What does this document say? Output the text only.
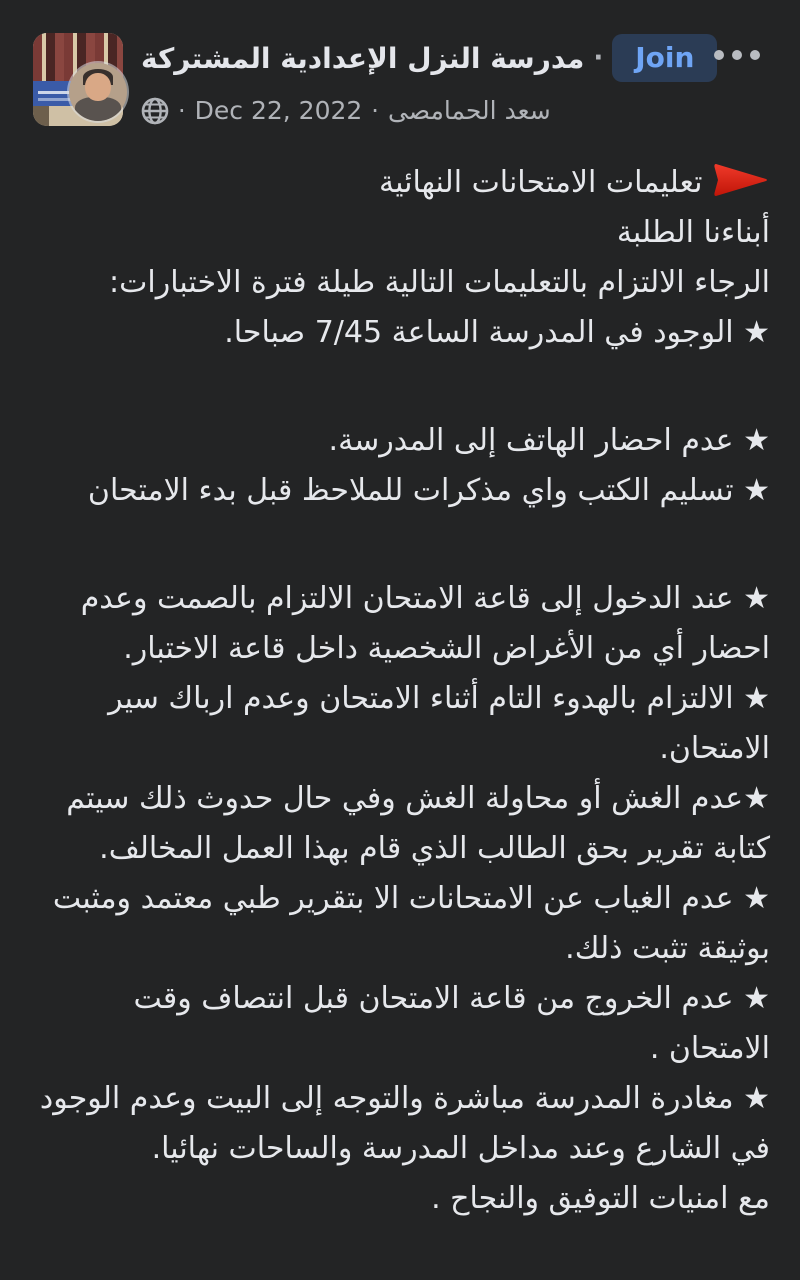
مدرسة النزل الإعدادية المشتركة ·	Join
· Dec 22, 2022 · سعد الحمامصى

تعليمات الامتحانات النهائية

أبناءنا الطلبة

الرجاء الالتزام بالتعليمات التالية طيلة فترة الاختبارات:

★ الوجود في المدرسة الساعة 7/45 صباحا.

★ عدم احضار الهاتف إلى المدرسة.

★ تسليم الكتب واي مذكرات للملاحظ قبل بدء الامتحان

★ عند الدخول إلى قاعة الامتحان الالتزام بالصمت وعدم احضار أي من الأغراض الشخصية داخل قاعة الاختبار.

★ الالتزام بالهدوء التام أثناء الامتحان وعدم ارباك سير الامتحان.

★عدم الغش أو محاولة الغش وفي حال حدوث ذلك سيتم كتابة تقرير بحق الطالب الذي قام بهذا العمل المخالف.

★ عدم الغياب عن الامتحانات الا بتقرير طبي معتمد ومثبت بوثيقة تثبت ذلك.

★ عدم الخروج من قاعة الامتحان قبل انتصاف وقت الامتحان .

★ مغادرة المدرسة مباشرة والتوجه إلى البيت وعدم الوجود في الشارع وعند مداخل المدرسة والساحات نهائيا.

مع امنيات التوفيق والنجاح .
